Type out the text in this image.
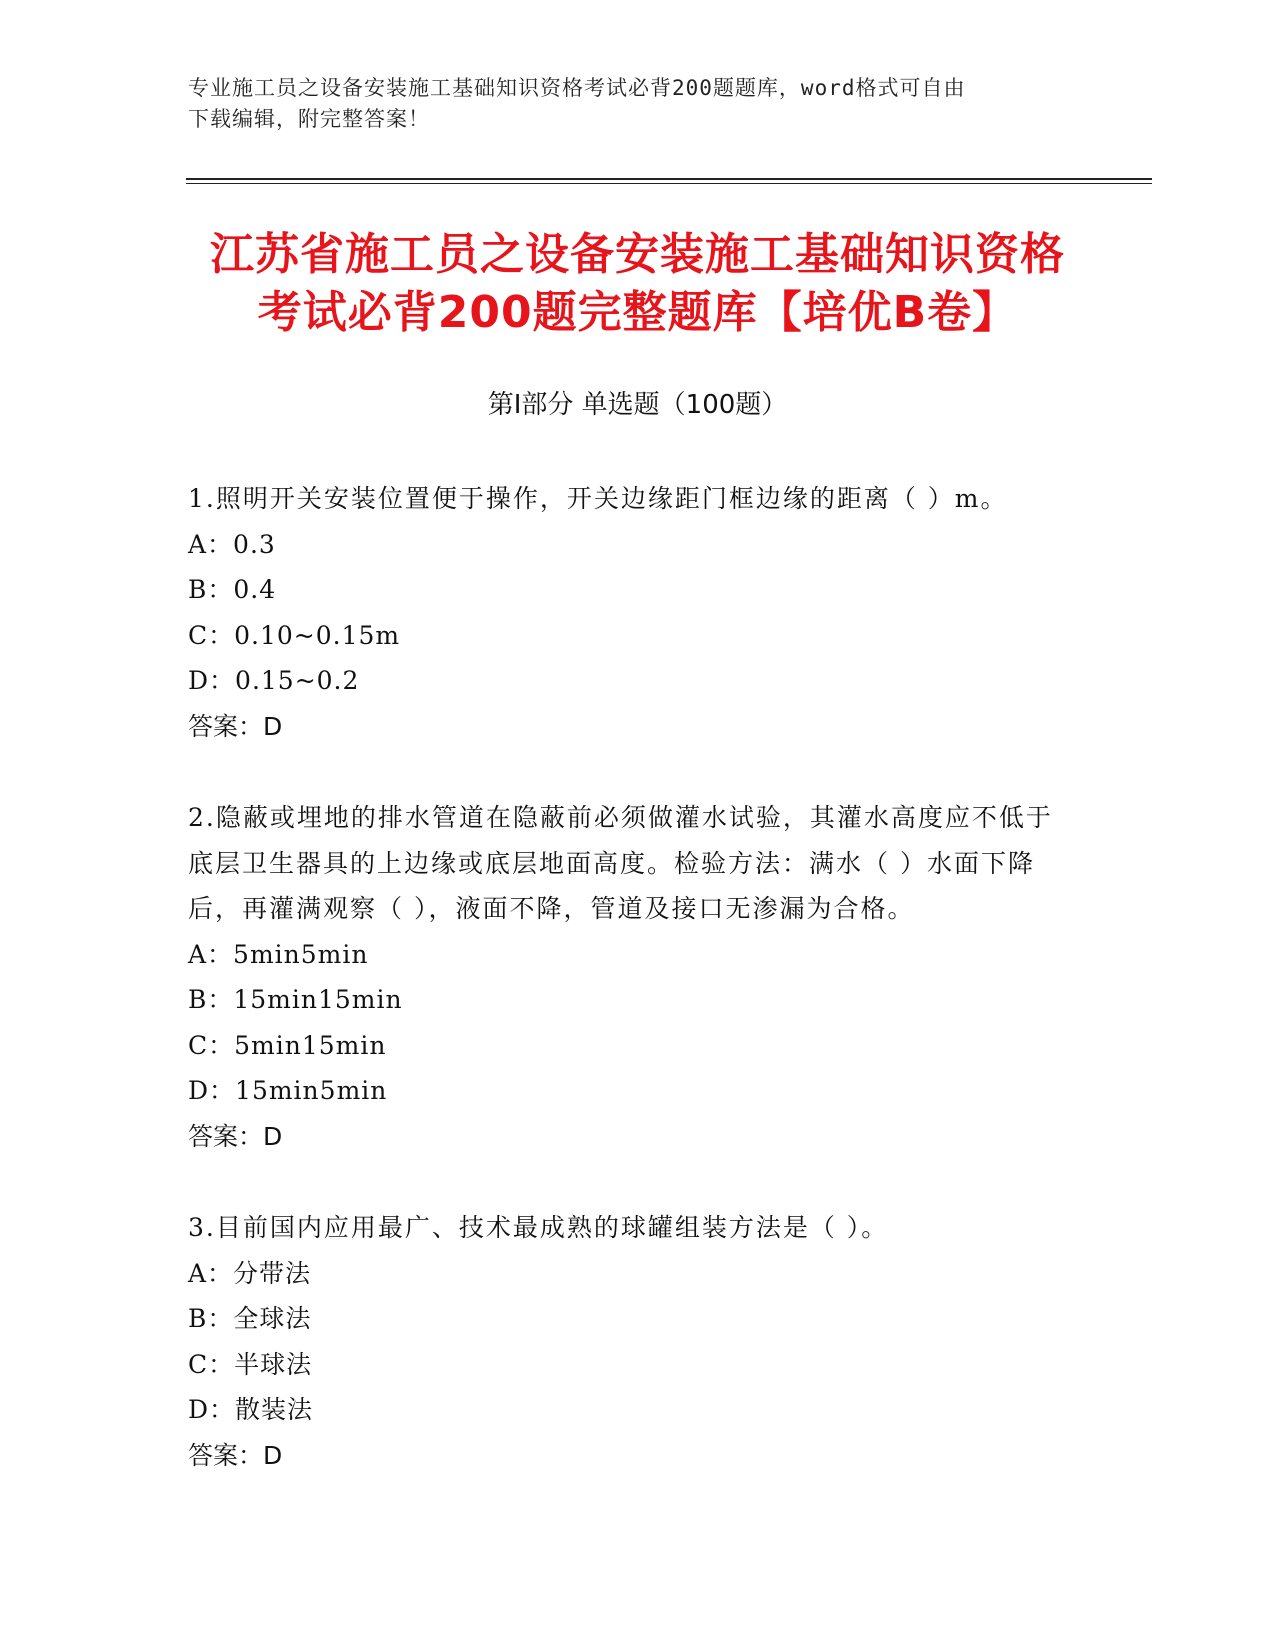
专业施工员之设备安装施工基础知识资格考试必背200题题库，word格式可自由
下载编辑，附完整答案！
江苏省施工员之设备安装施工基础知识资格
考试必背200题完整题库【培优B卷】
第Ⅰ部分 单选题（100题）
1.照明开关安装位置便于操作，开关边缘距门框边缘的距离（ ）m。
A：0.3
B：0.4
C：0.10~0.15m
D：0.15~0.2
答案：D
2.隐蔽或埋地的排水管道在隐蔽前必须做灌水试验，其灌水高度应不低于底层卫生器具的上边缘或底层地面高度。检验方法：满水（ ）水面下降后，再灌满观察（ ），液面不降，管道及接口无渗漏为合格。
A：5min5min
B：15min15min
C：5min15min
D：15min5min
答案：D
3.目前国内应用最广、技术最成熟的球罐组装方法是（ ）。
A：分带法
B：全球法
C：半球法
D：散装法
答案：D
